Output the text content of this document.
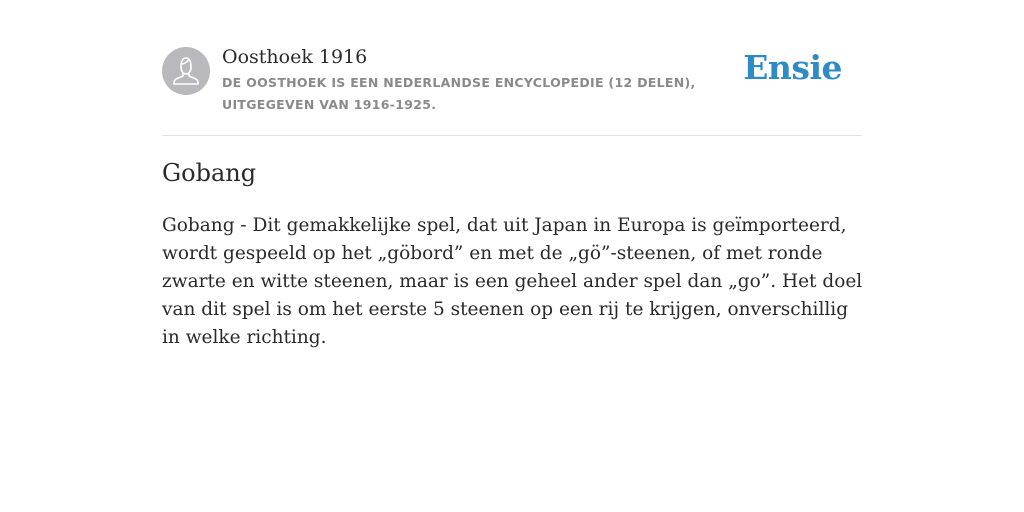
Oosthoek 1916
DE OOSTHOEK IS EEN NEDERLANDSE ENCYCLOPEDIE (12 DELEN), UITGEGEVEN VAN 1916-1925.
Ensie
Gobang

Gobang - Dit gemakkelijke spel, dat uit Japan in Europa is geïmporteerd, wordt gespeeld op het „göbord” en met de „gö”-steenen, of met ronde zwarte en witte steenen, maar is een geheel ander spel dan „go”. Het doel van dit spel is om het eerste 5 steenen op een rij te krijgen, onverschillig in welke richting.
